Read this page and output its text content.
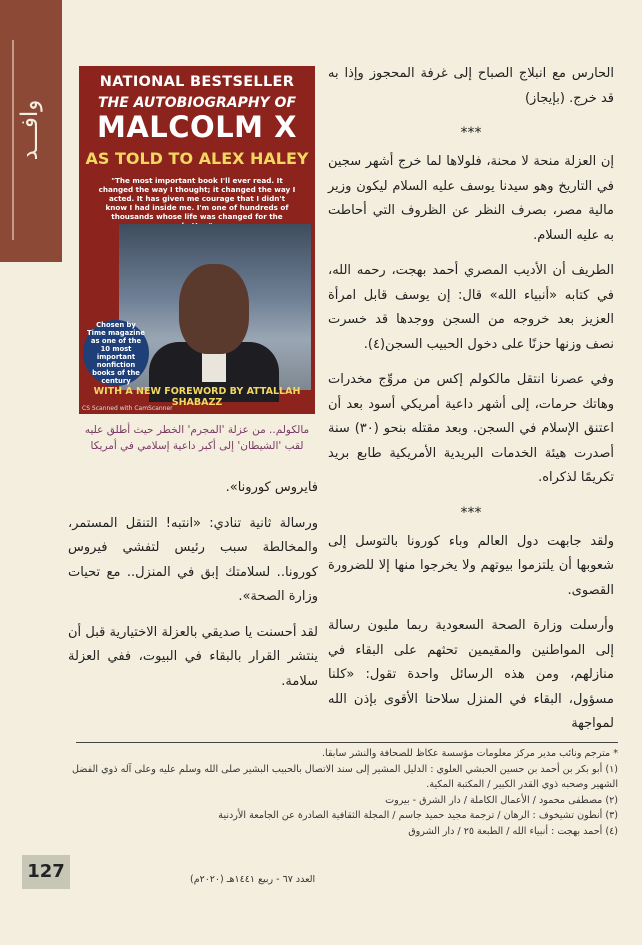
وافـــد
NATIONAL BESTSELLER
THE AUTOBIOGRAPHY OF
MALCOLM X
AS TOLD TO ALEX HALEY
"The most important book I'll ever read. It changed the way I thought; it changed the way I acted. It has given me courage that I didn't know I had inside me. I'm one of hundreds of thousands whose life was changed for the
Chosen by Time magazine as one of the 10 most important nonfiction books of the century
WITH A NEW FOREWORD BY ATTALLAH SHABAZZ
CS Scanned with CamScanner
مالكولم.. من عزلة 'المجرم' الخطر حيث أطلق عليه لقب 'الشيطان' إلى أكبر داعية إسلامي في أمريكا

الحارس مع انبلاج الصباح إلى غرفة المحجوز وإذا به قد خرج. (بإيجاز)

***

إن العزلة منحة لا محنة، فلولاها لما خرج أشهر سجين في التاريخ وهو سيدنا يوسف عليه السلام ليكون وزير مالية مصر، بصرف النظر عن الظروف التي أحاطت به عليه السلام.

الطريف أن الأديب المصري أحمد بهجت، رحمه الله، في كتابه «أنبياء الله» قال: إن يوسف قابل امرأة العزيز بعد خروجه من السجن ووجدها قد خسرت نصف وزنها حزنًا على دخول الحبيب السجن(٤).

وفي عصرنا انتقل مالكولم إكس من مروِّج مخدرات وهاتك حرمات، إلى أشهر داعية أمريكي أسود بعد أن اعتنق الإسلام في السجن. وبعد مقتله بنحو (٣٠) سنة أصدرت هيئة الخدمات البريدية الأمريكية طابع بريد تكريمًا لذكراه.

***

ولقد جابهت دول العالم وباء كورونا بالتوسل إلى شعوبها أن يلتزموا بيوتهم ولا يخرجوا منها إلا للضرورة القصوى.

وأرسلت وزارة الصحة السعودية ربما مليون رسالة إلى المواطنين والمقيمين تحثهم على البقاء في منازلهم، ومن هذه الرسائل واحدة تقول: «كلنا مسؤول، البقاء في المنزل سلاحنا الأقوى بإذن الله لمواجهة

فايروس كورونا».

ورسالة ثانية تنادي: «انتبه! التنقل المستمر، والمخالطة سبب رئيس لتفشي فيروس كورونا.. لسلامتك إبق في المنزل.. مع تحيات وزارة الصحة».

لقد أحسنت يا صديقي بالعزلة الاختيارية قبل أن ينتشر القرار بالبقاء في البيوت، ففي العزلة سلامة.

* مترجم ونائب مدير مركز معلومات مؤسسة عكاظ للصحافة والنشر سابقا.
(١) أبو بكر بن أحمد بن حسين الحبشي العلوي : الدليل المشير إلى سند الاتصال بالحبيب البشير صلى الله وسلم عليه وعلى آله ذوي الفضل الشهير وصحبه ذوي القدر الكبير / المكتبة المكية.
(٢) مصطفى محمود / الأعمال الكاملة / دار الشرق - بيروت
(٣) أنطون تشيخوف : الرهان / ترجمة مجيد حميد جاسم / المجلة الثقافية الصادرة عن الجامعة الأردنية
(٤) أحمد بهجت : أنبياء الله / الطبعة ٢٥ / دار الشروق
127	العدد ٦٧ - ربيع ١٤٤١هـ (٢٠٢٠م)
